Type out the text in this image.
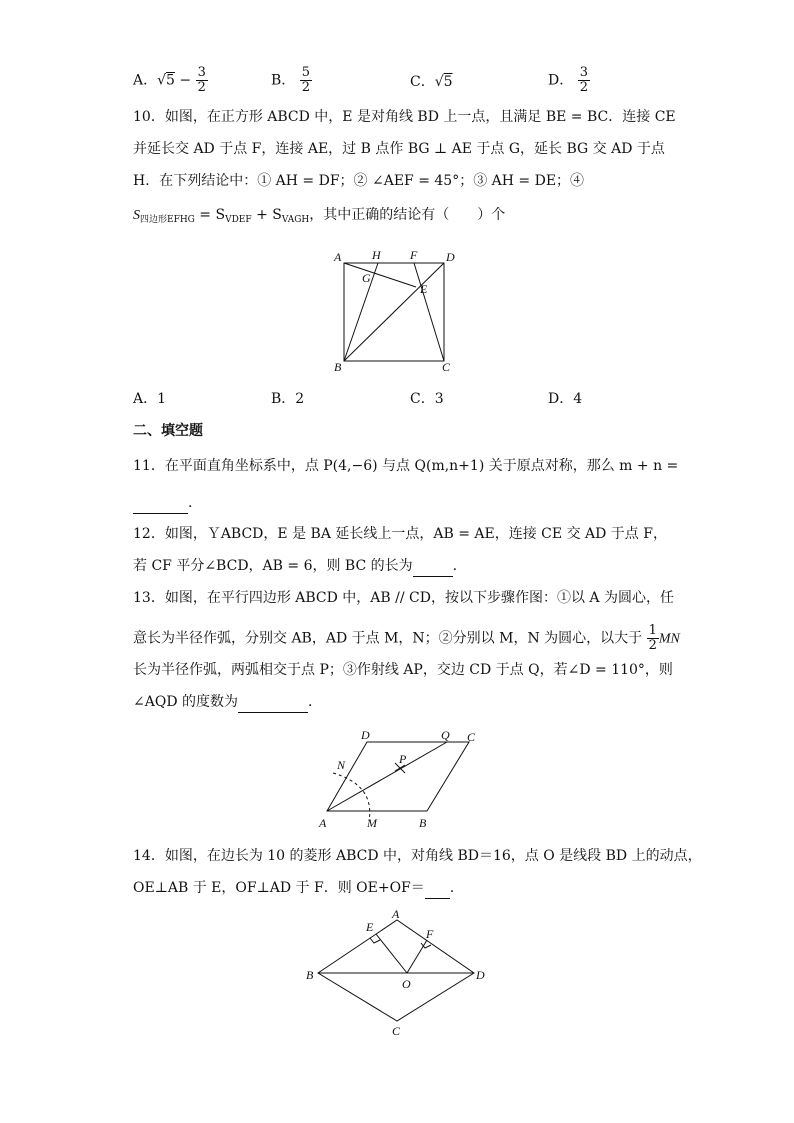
A．$√5 - \frac{3}{2}$	B． $\frac{5}{2}$	C．√5	D． $\frac{3}{2}$
10．如图，在正方形 ABCD 中，E 是对角线 BD 上一点，且满足 BE = BC．连接 CE
并延长交 AD 于点 F，连接 AE，过 B 点作 BG ⊥ AE 于点 G，延长 BG 交 AD 于点
H．在下列结论中：① AH = DF；② ∠AEF = 45°；③ AH = DE；④
$S_{四边形EFHG} = S_{VDEF} + S_{VAGH}$，其中正确的结论有（　　）个
A	H F D
G
E
B	C
A．1	B．2	C．3	D．4
二、填空题
11．在平面直角坐标系中，点 P(4,−6) 与点 Q(m,n+1) 关于原点对称，那么 m + n =
.
12．如图，ＹABCD，E 是 BA 延长线上一点，AB = AE，连接 CE 交 AD 于点 F，
若 CF 平分∠BCD，AB = 6，则 BC 的长为	.
13．如图，在平行四边形 ABCD 中，AB // CD，按以下步骤作图：①以 A 为圆心，任
意长为半径作弧，分别交 AB，AD 于点 M，N；②分别以 M，N 为圆心，以大于 $\frac{1}{2}$ MN
长为半径作弧，两弧相交于点 P；③作射线 AP，交边 CD 于点 Q，若∠D = 110°，则
∠AQD 的度数为	.
D	Q C
P
N
A	M	B
14．如图，在边长为 10 的菱形 ABCD 中，对角线 BD＝16，点 O 是线段 BD 上的动点，
OE⊥AB 于 E，OF⊥AD 于 F．则 OE+OF＝ .
E
A
F
B
O
D
C
